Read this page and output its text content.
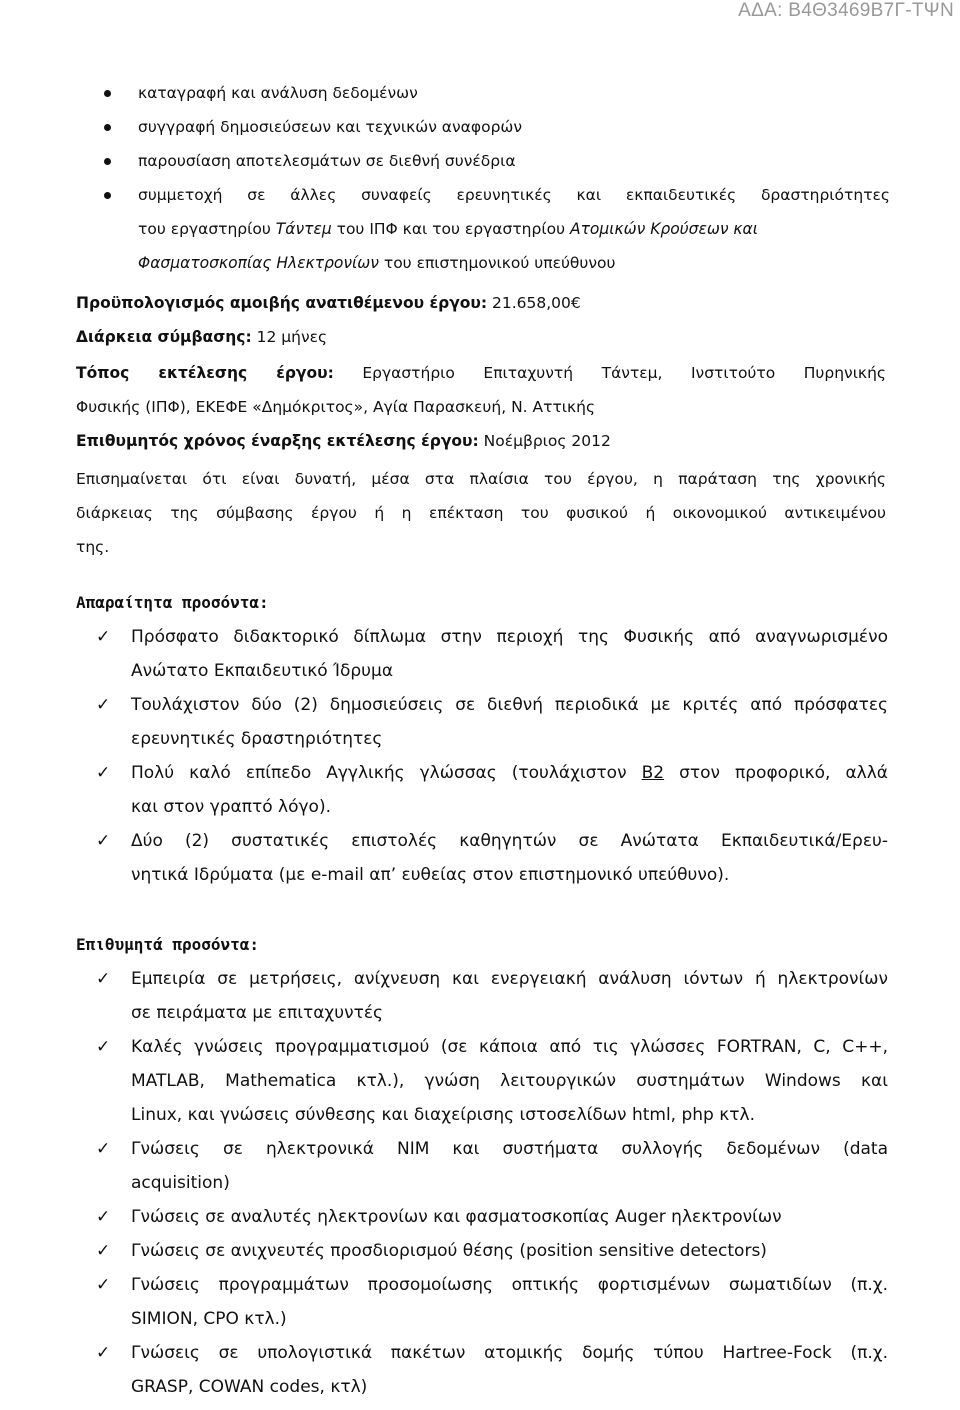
ΑΔΑ: Β4Θ3469Β7Γ-ΤΨΝ

καταγραφή και ανάλυση δεδομένων
συγγραφή δημοσιεύσεων και τεχνικών αναφορών
παρουσίαση αποτελεσμάτων σε διεθνή συνέδρια
συμμετοχή σε άλλες συναφείς ερευνητικές και εκπαιδευτικές δραστηριότητες
του εργαστηρίου Τάντεμ του ΙΠΦ και του εργαστηρίου Ατομικών Κρούσεων και
Φασματοσκοπίας Ηλεκτρονίων του επιστημονικού υπεύθυνου
Προϋπολογισμός αμοιβής ανατιθέμενου έργου: 21.658,00€
Διάρκεια σύμβασης: 12 μήνες
Τόπος εκτέλεσης έργου: Εργαστήριο Επιταχυντή Τάντεμ, Ινστιτούτο Πυρηνικής
Φυσικής (ΙΠΦ), ΕΚΕΦΕ «Δημόκριτος», Αγία Παρασκευή, Ν. Αττικής
Επιθυμητός χρόνος έναρξης εκτέλεσης έργου: Νοέμβριος 2012
Επισημαίνεται ότι είναι δυνατή, μέσα στα πλαίσια του έργου, η παράταση της χρονικής
διάρκειας της σύμβασης έργου ή η επέκταση του φυσικού ή οικονομικού αντικειμένου
της.
Απαραίτητα προσόντα:
✓ Πρόσφατο διδακτορικό δίπλωμα στην περιοχή της Φυσικής από αναγνωρισμένο
Ανώτατο Εκπαιδευτικό Ίδρυμα
✓ Τουλάχιστον δύο (2) δημοσιεύσεις σε διεθνή περιοδικά με κριτές από πρόσφατες
ερευνητικές δραστηριότητες
✓ Πολύ καλό επίπεδο Αγγλικής γλώσσας (τουλάχιστον Β2 στον προφορικό, αλλά
και στον γραπτό λόγο).
✓ Δύο (2) συστατικές επιστολές καθηγητών σε Ανώτατα Εκπαιδευτικά/Ερευ-
νητικά Ιδρύματα (με e-mail απ’ ευθείας στον επιστημονικό υπεύθυνο).
Επιθυμητά προσόντα:
✓ Εμπειρία σε μετρήσεις, ανίχνευση και ενεργειακή ανάλυση ιόντων ή ηλεκτρονίων
σε πειράματα με επιταχυντές
✓ Καλές γνώσεις προγραμματισμού (σε κάποια από τις γλώσσες FORTRAN, C, C++,
MATLAB, Mathematica κτλ.), γνώση λειτουργικών συστημάτων Windows και
Linux, και γνώσεις σύνθεσης και διαχείρισης ιστοσελίδων html, php κτλ.
✓ Γνώσεις σε ηλεκτρονικά NIM και συστήματα συλλογής δεδομένων (data
acquisition)
✓ Γνώσεις σε αναλυτές ηλεκτρονίων και φασματοσκοπίας Auger ηλεκτρονίων
✓ Γνώσεις σε ανιχνευτές προσδιορισμού θέσης (position sensitive detectors)
✓ Γνώσεις προγραμμάτων προσομοίωσης οπτικής φορτισμένων σωματιδίων (π.χ.
SIMION, CPO κτλ.)
✓ Γνώσεις σε υπολογιστικά πακέτων ατομικής δομής τύπου Hartree-Fock (π.χ.
GRASP, COWAN codes, κτλ)
